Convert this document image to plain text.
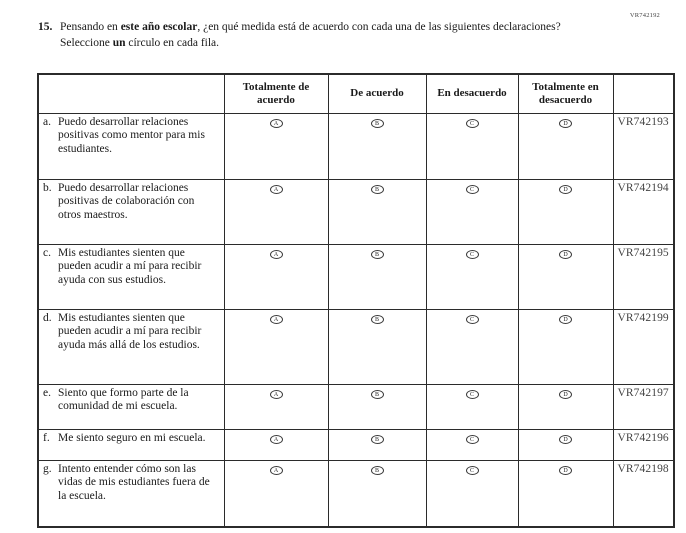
VR742192
15. Pensando en este año escolar, ¿en qué medida está de acuerdo con cada una de las siguientes declaraciones? Seleccione un círculo en cada fila.
	Totalmente de acuerdo	De acuerdo	En desacuerdo	Totalmente en desacuerdo	

a. Puedo desarrollar relaciones positivas como mentor para mis estudiantes.	A	B	C	D	VR742193

b. Puedo desarrollar relaciones positivas de colaboración con otros maestros.	A	B	C	D	VR742194

c. Mis estudiantes sienten que pueden acudir a mí para recibir ayuda con sus estudios.	A	B	C	D	VR742195

d. Mis estudiantes sienten que pueden acudir a mí para recibir ayuda más allá de los estudios.	A	B	C	D	VR742199

e. Siento que formo parte de la comunidad de mi escuela.	A	B	C	D	VR742197

f. Me siento seguro en mi escuela.	A	B	C	D	VR742196

g. Intento entender cómo son las vidas de mis estudiantes fuera de la escuela.	A	B	C	D	VR742198
